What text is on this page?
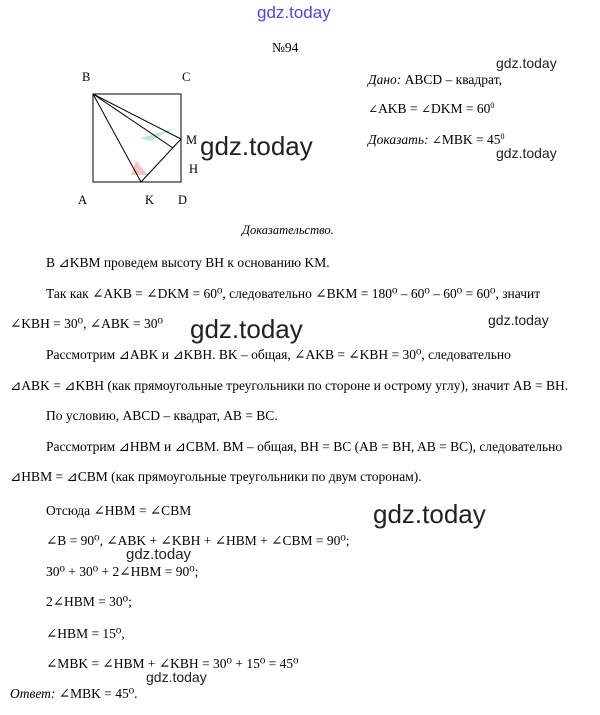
gdz.today
№94
B	C
M
H
A	K D
gdz.today
gdz.today
Дано: ABCD – квадрат,
∠AKB = ∠DKM = $60^0$
Доказать: ∠MBK = $45^0$
gdz.today
Доказательство.
В ⊿KBM проведем высоту BH к основанию KM.
Так как ∠AKB = ∠DKM = 60⁰, следовательно ∠BKM = 180⁰ – 60⁰ – 60⁰ = 60⁰, значит
∠KBH = 30⁰, ∠ABK = 30⁰ gdz.today	gdz.today
Рассмотрим ⊿ABK и ⊿KBH. BK – общая, ∠AKB = ∠KBH = 30⁰, следовательно
⊿ABK = ⊿KBH (как прямоугольные треугольники по стороне и острому углу), значит AB = BH.
По условию, ABCD – квадрат, AB = BC.
Рассмотрим ⊿HBM и ⊿CBM. BM – общая, BH = BC (AB = BH, AB = BC), следовательно
⊿HBM = ⊿CBM (как прямоугольные треугольники по двум сторонам).
gdz.today
Отсюда ∠HBM = ∠CBM
∠B = 90⁰, ∠ABK + ∠KBH + ∠HBM + ∠CBM = 90⁰;
gdz.today
30⁰ + 30⁰ + 2∠HBM = 90⁰;
2∠HBM = 30⁰;
∠HBM = 15⁰,
∠MBK = ∠HBM + ∠KBH = 30⁰ + 15⁰ = 45⁰
gdz.today
Ответ: ∠MBK = 45⁰.
